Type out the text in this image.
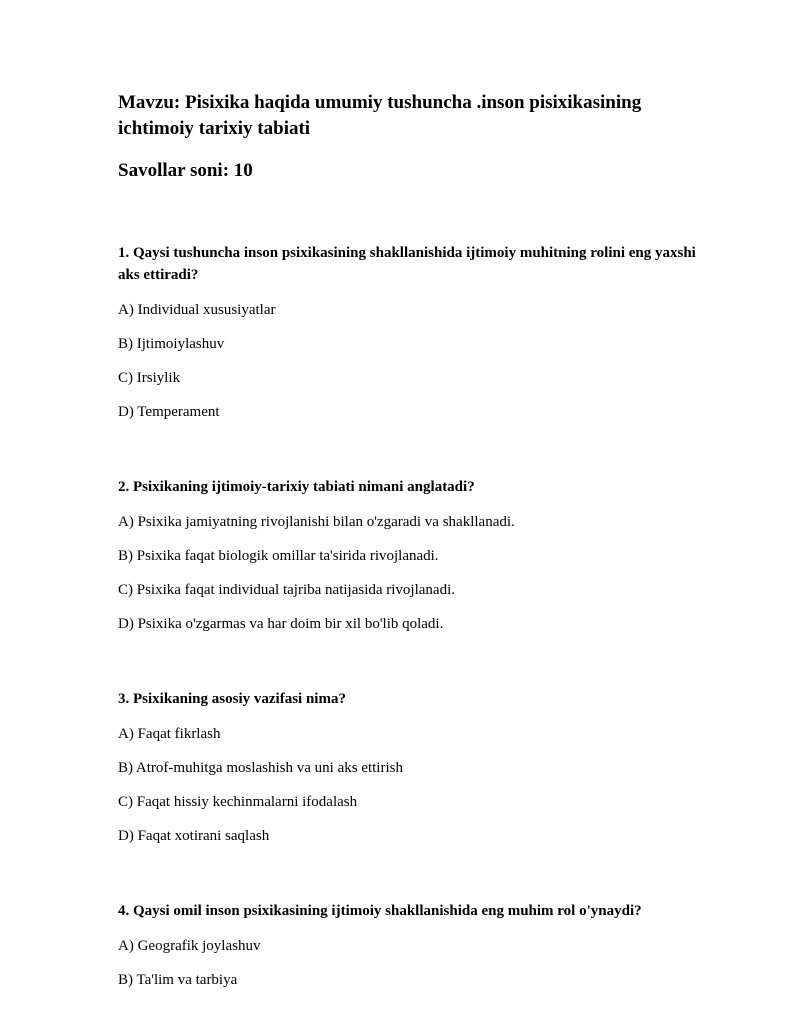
Mavzu: Pisixika haqida umumiy tushuncha .inson pisixikasining ichtimoiy tarixiy tabiati
Savollar soni: 10

1. Qaysi tushuncha inson psixikasining shakllanishida ijtimoiy muhitning rolini eng yaxshi aks ettiradi?

A) Individual xususiyatlar
B) Ijtimoiylashuv
C) Irsiylik
D) Temperament

2. Psixikaning ijtimoiy-tarixiy tabiati nimani anglatadi?

A) Psixika jamiyatning rivojlanishi bilan o'zgaradi va shakllanadi.
B) Psixika faqat biologik omillar ta'sirida rivojlanadi.
C) Psixika faqat individual tajriba natijasida rivojlanadi.
D) Psixika o'zgarmas va har doim bir xil bo'lib qoladi.

3. Psixikaning asosiy vazifasi nima?

A) Faqat fikrlash
B) Atrof-muhitga moslashish va uni aks ettirish
C) Faqat hissiy kechinmalarni ifodalash
D) Faqat xotirani saqlash

4. Qaysi omil inson psixikasining ijtimoiy shakllanishida eng muhim rol o'ynaydi?

A) Geografik joylashuv
B) Ta'lim va tarbiya
